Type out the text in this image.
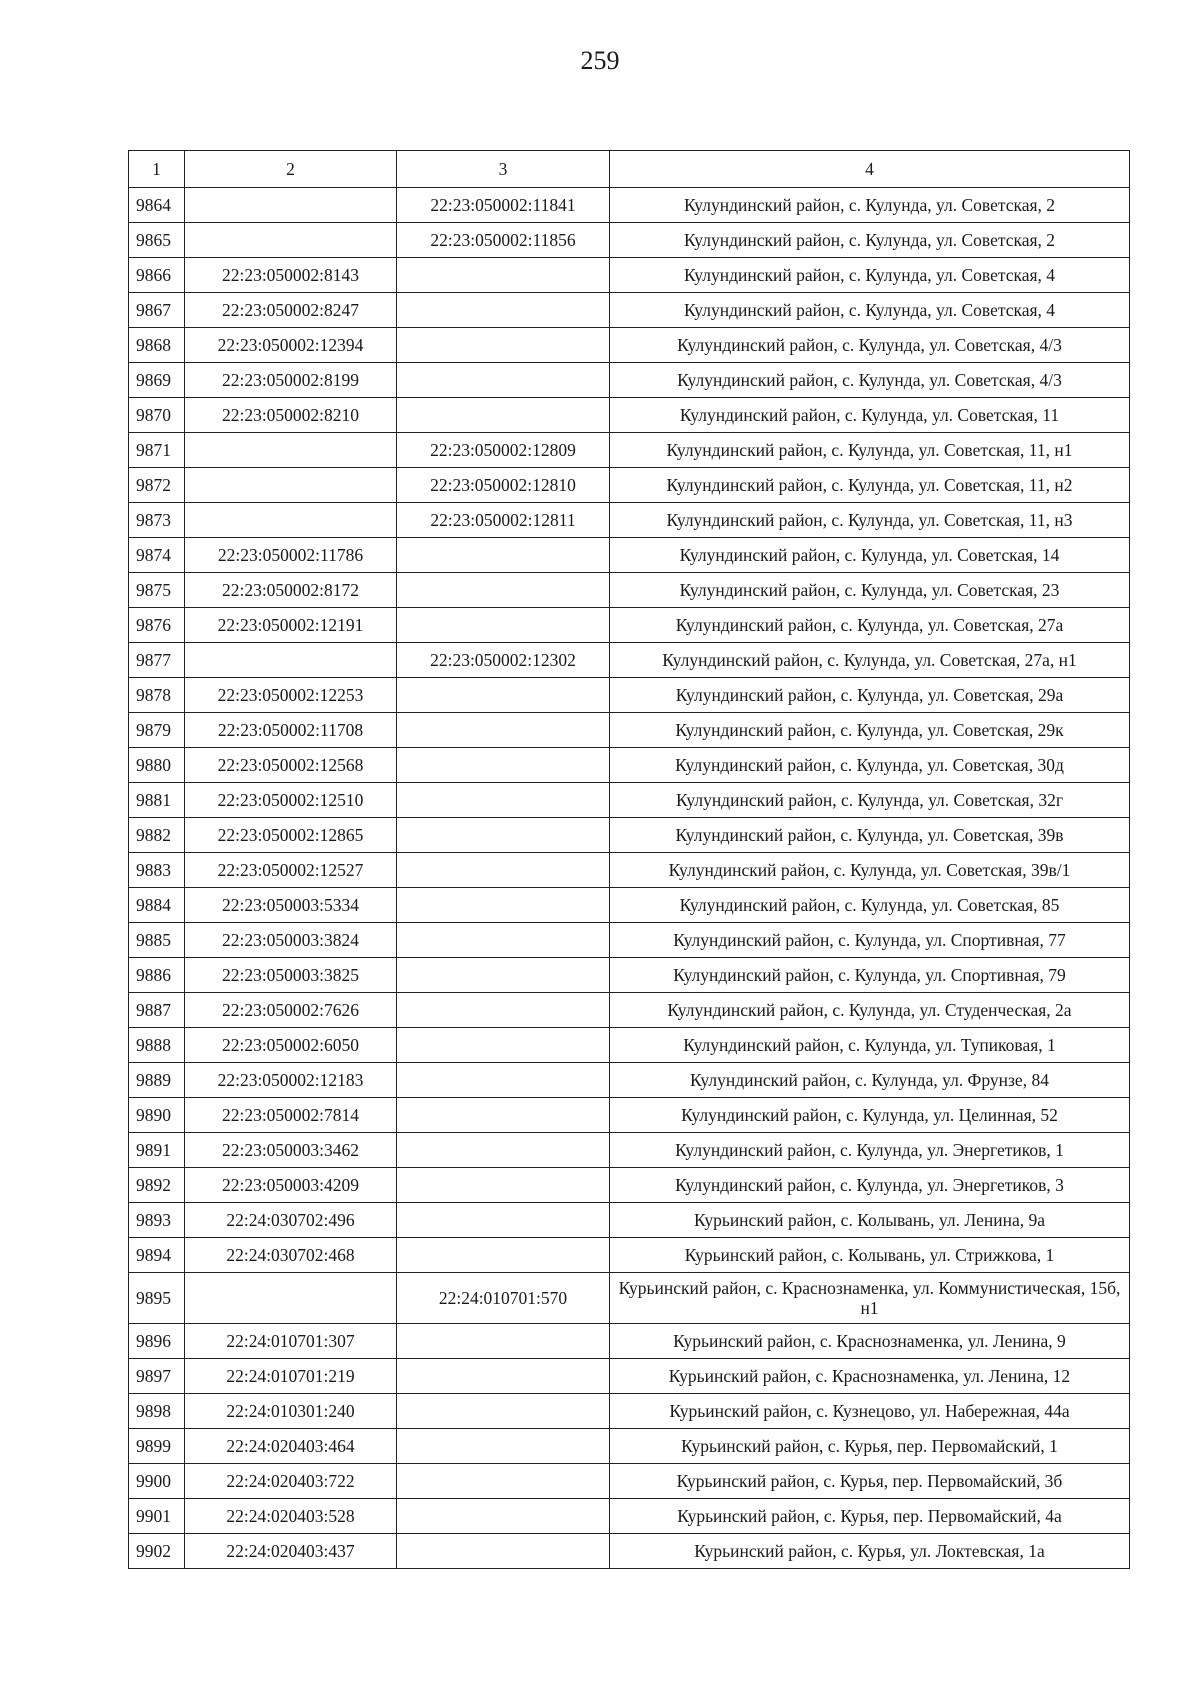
259
1	2	3	4
9864		22:23:050002:11841	Кулундинский район, с. Кулунда, ул. Советская, 2
9865		22:23:050002:11856	Кулундинский район, с. Кулунда, ул. Советская, 2
9866	22:23:050002:8143		Кулундинский район, с. Кулунда, ул. Советская, 4
9867	22:23:050002:8247		Кулундинский район, с. Кулунда, ул. Советская, 4
9868	22:23:050002:12394		Кулундинский район, с. Кулунда, ул. Советская, 4/3
9869	22:23:050002:8199		Кулундинский район, с. Кулунда, ул. Советская, 4/3
9870	22:23:050002:8210		Кулундинский район, с. Кулунда, ул. Советская, 11
9871		22:23:050002:12809	Кулундинский район, с. Кулунда, ул. Советская, 11, н1
9872		22:23:050002:12810	Кулундинский район, с. Кулунда, ул. Советская, 11, н2
9873		22:23:050002:12811	Кулундинский район, с. Кулунда, ул. Советская, 11, н3
9874	22:23:050002:11786		Кулундинский район, с. Кулунда, ул. Советская, 14
9875	22:23:050002:8172		Кулундинский район, с. Кулунда, ул. Советская, 23
9876	22:23:050002:12191		Кулундинский район, с. Кулунда, ул. Советская, 27а
9877		22:23:050002:12302	Кулундинский район, с. Кулунда, ул. Советская, 27а, н1
9878	22:23:050002:12253		Кулундинский район, с. Кулунда, ул. Советская, 29а
9879	22:23:050002:11708		Кулундинский район, с. Кулунда, ул. Советская, 29к
9880	22:23:050002:12568		Кулундинский район, с. Кулунда, ул. Советская, 30д
9881	22:23:050002:12510		Кулундинский район, с. Кулунда, ул. Советская, 32г
9882	22:23:050002:12865		Кулундинский район, с. Кулунда, ул. Советская, 39в
9883	22:23:050002:12527		Кулундинский район, с. Кулунда, ул. Советская, 39в/1
9884	22:23:050003:5334		Кулундинский район, с. Кулунда, ул. Советская, 85
9885	22:23:050003:3824		Кулундинский район, с. Кулунда, ул. Спортивная, 77
9886	22:23:050003:3825		Кулундинский район, с. Кулунда, ул. Спортивная, 79
9887	22:23:050002:7626		Кулундинский район, с. Кулунда, ул. Студенческая, 2а
9888	22:23:050002:6050		Кулундинский район, с. Кулунда, ул. Тупиковая, 1
9889	22:23:050002:12183		Кулундинский район, с. Кулунда, ул. Фрунзе, 84
9890	22:23:050002:7814		Кулундинский район, с. Кулунда, ул. Целинная, 52
9891	22:23:050003:3462		Кулундинский район, с. Кулунда, ул. Энергетиков, 1
9892	22:23:050003:4209		Кулундинский район, с. Кулунда, ул. Энергетиков, 3
9893	22:24:030702:496		Курьинский район, с. Колывань, ул. Ленина, 9а
9894	22:24:030702:468		Курьинский район, с. Колывань, ул. Стрижкова, 1
9895		22:24:010701:570	Курьинский район, с. Краснознаменка, ул. Коммунистическая, 15б, н1
9896	22:24:010701:307		Курьинский район, с. Краснознаменка, ул. Ленина, 9
9897	22:24:010701:219		Курьинский район, с. Краснознаменка, ул. Ленина, 12
9898	22:24:010301:240		Курьинский район, с. Кузнецово, ул. Набережная, 44а
9899	22:24:020403:464		Курьинский район, с. Курья, пер. Первомайский, 1
9900	22:24:020403:722		Курьинский район, с. Курья, пер. Первомайский, 3б
9901	22:24:020403:528		Курьинский район, с. Курья, пер. Первомайский, 4а
9902	22:24:020403:437		Курьинский район, с. Курья, ул. Локтевская, 1а
